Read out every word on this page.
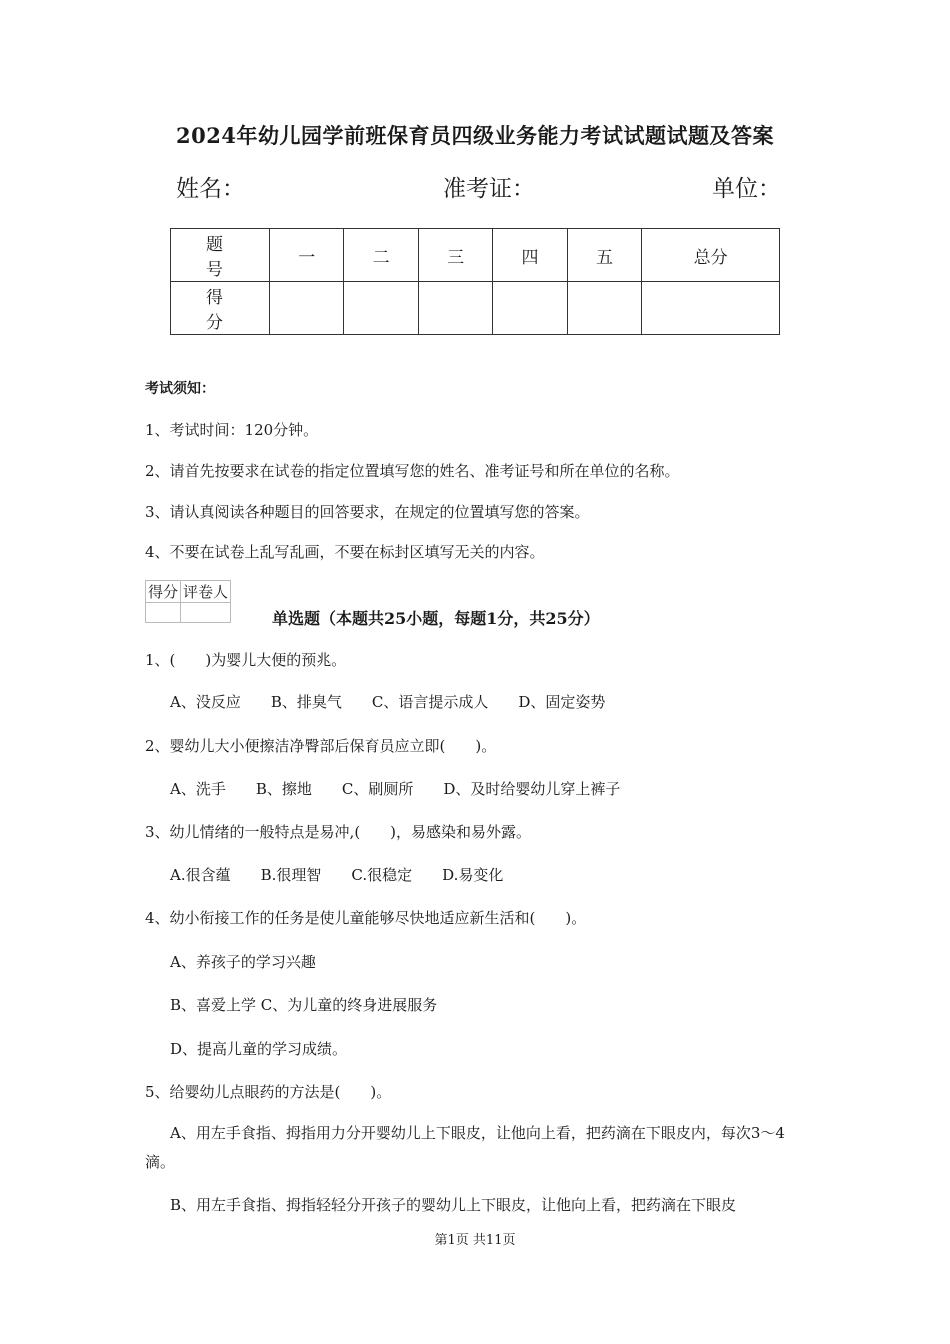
2024年幼儿园学前班保育员四级业务能力考试试题试题及答案
姓名：	准考证：	单位：
题　号	一	二	三	四	五	总分
得　分						
考试须知：
1、考试时间：120分钟。
2、请首先按要求在试卷的指定位置填写您的姓名、准考证号和所在单位的名称。
3、请认真阅读各种题目的回答要求，在规定的位置填写您的答案。
4、不要在试卷上乱写乱画，不要在标封区填写无关的内容。
得分	评卷人

单选题（本题共25小题，每题1分，共25分）
1、(　　)为婴儿大便的预兆。
A、没反应　　B、排臭气　　C、语言提示成人　　D、固定姿势
2、婴幼儿大小便擦洁净臀部后保育员应立即(　　)。
A、洗手　　B、擦地　　C、刷厕所　　D、及时给婴幼儿穿上裤子
3、幼儿情绪的一般特点是易冲,(　　)，易感染和易外露。
A.很含蕴　　B.很理智　　C.很稳定　　D.易变化
4、幼小衔接工作的任务是使儿童能够尽快地适应新生活和(　　)。
A、养孩子的学习兴趣
B、喜爱上学 C、为儿童的终身进展服务
D、提高儿童的学习成绩。
5、给婴幼儿点眼药的方法是(　　)。
A、用左手食指、拇指用力分开婴幼儿上下眼皮，让他向上看，把药滴在下眼皮内，每次3～4滴。
B、用左手食指、拇指轻轻分开孩子的婴幼儿上下眼皮，让他向上看，把药滴在下眼皮
第1页 共11页
